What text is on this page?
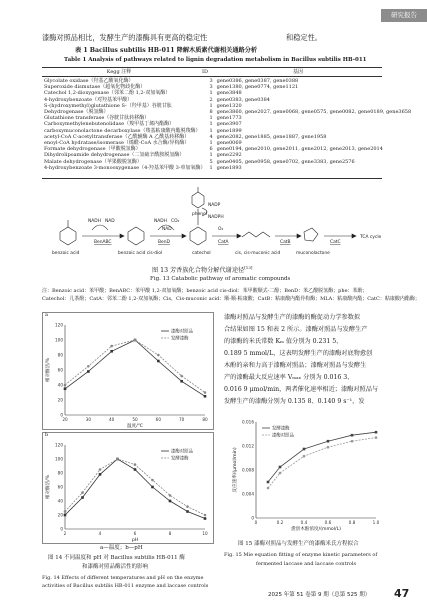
研究报告
漆酶对照品相比，发酵生产的漆酶具有更高的稳定性	和稳定性。
表 1 Bacillus subtilis HB-011 降解木质素代谢相关通路分析
Table 1 Analysis of pathways related to lignin degradation metabolism in Bacillus subtilis HB-011
Kegg 注释	ID	基因
Glycolate oxidase（羟基乙酸氧化酶）	3	gene0386, gene0387, gene0388
Superoxide dismutase（超氧化物歧化酶）	3	gene1380, gene0774, gene1121
Catechol 1,2-dioxygenase（邻苯二酚 1,2-双加氧酶）	1	gene3848
4-hydroxybenzoate（对羟基苯甲酸）	2	gene0383, gene0384
S-(hydroxymethyl)glutathione S-（羟甲基）谷胱甘肽	1	gene1320
Dehydrogenase（脱氢酶）	8	gene3860, gene2027, gene0068, gene0575, gene0082, gene0189, gene3658
Glutathione transferase（谷胱甘肽转移酶）	1	gene1773
Carboxymethylenebutenolidase（羧甲基丁烯内酯酶）	1	gene3907
carboxymuconolactone decarboxylase（羧基粘康酸内酯脱羧酶）	1	gene1899
acetyl-CoA C-acetyltransferase（乙酰辅酶 A 乙酰基转移酶）	4	gene2082, gene1885, gene1887, gene1958
enoyl-CoA hydratase/isomerase（烯酰-CoA 水合酶/异构酶）	1	gene0069
Formate dehydrogenase（甲酸脱氢酶）	6	gene0194, gene2010, gene2011, gene2012, gene2013, gene2014
Dihydrolipoamide dehydrogenase（二氢硫辛酰胺脱氢酶）	1	gene2292
Malate dehydrogenase（苹果酸脱氢酶）	5	gene0405, gene0958, gene0702, gene3383, gene2576
4-hydroxybenzoate 3-monooxygenase（4-羟基苯甲酸 3-单加氧酶）	1	gene1893
benzoic acid	benzoic acid cis-diol	catechol	cis, cis-muconic acid	muconolactone
phenol
BenABC	BenD	CatA	CatB	CatC
NADH NAD	NADH
NADP
NADPH
O₂
CO₂
NAD
TCA cycle
图 13 芳香族化合物分解代谢途径[13]
Fig. 13 Catabolic pathway of aromatic compounds
注：Benzoic acid：苯甲酸；BenABC：苯甲酸 1,2-双加氧酶；benzoic acid cis-diol：苯甲酸顺式-二醇；BenD：苯乙酸脱氢酶；phe：苯酚；
Catechol：儿茶酚；CatA：邻苯二酚 1,2-双加氧酶；Cis，Cis-muconic acid：顺-顺-粘康酸；CatB：粘康酸内酯异构酶；MLA：粘康酸内酯；CatC：粘康酸内酯酶；
20	30	40	50	60	70	80
0
20
40
60
80
100
120
温度/℃
相对酶活/%
漆酶对照品
发酵漆酶
a
2	4	6	8	10
0
20
40
60
80
100
120
pH
相对酶活/%
漆酶对照品
发酵漆酶
b
a—温度；b—pH
图 14 不同温度和 pH 对 Bacillus subtilis HB-011 酶
和漆酶对照品酶活性的影响
Fig. 14 Effects of different temperatures and pH on the enzyme
activities of Bacillus subtilis HB-011 enzyme and laccase controls
漆酶对照品与发酵生产的漆酶的酶促动力学参数拟
合结果如图 15 和表 2 所示。漆酶对照品与发酵生产
的漆酶的米氏常数 Kₘ 值分别为 0.231 5、
0.189 5 mmol/L，这表明发酵生产的漆酶对底物愈创
木酚的亲和力高于漆酶对照品；漆酶对照品与发酵生
产的漆酶最大反应速率 Vₘₐₓ 分别为 0.016 3、
0.016 9 μmol/min，两者催化速率相近；漆酶对照品与
发酵生产的漆酶分别为 0.135 8、0.140 9 s⁻¹，发
0	0.2	0.4	0.6	0.8	1.0
0
0.004
0.008
0.012
0.016
愈创木酚浓度/(mmol/L)
反应速率/(μmol/min)
发酵漆酶
漆酶对照品
图 15 漆酶对照品与发酵生产的漆酶米氏方程拟合
Fig. 15 Mie equation fitting of enzyme kinetic parameters of
fermented laccase and laccase controls
2025 年第 51 卷第 9 期（总第 525 期） 47
